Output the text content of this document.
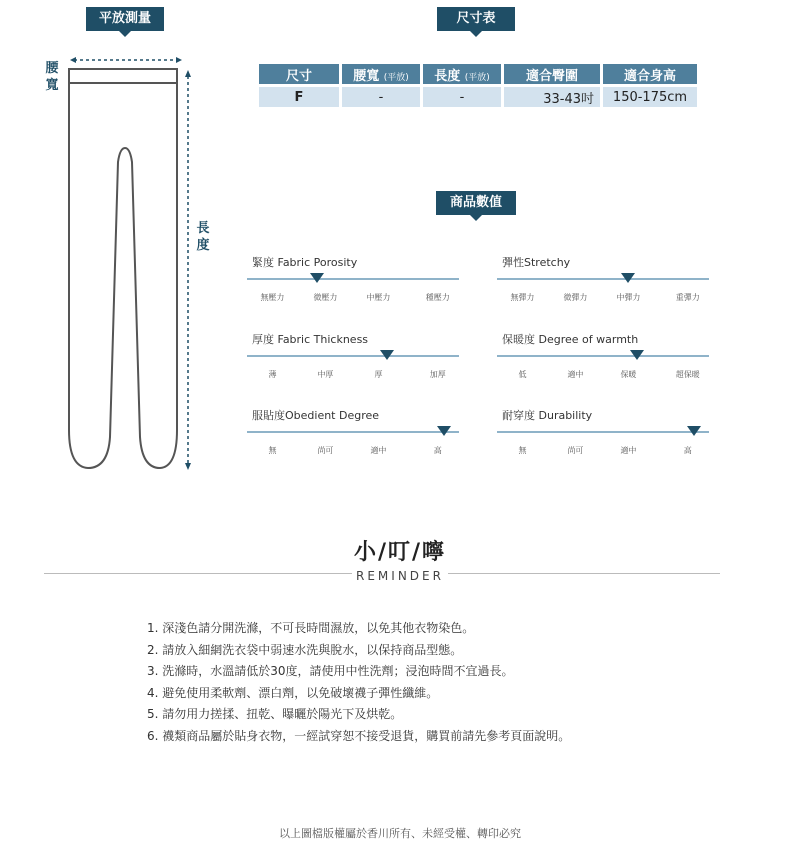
平放測量	尺寸表
腰寬
長度
尺寸	腰寬 (平放)	長度 (平放)	適合臀圍	適合身高
F	-	-	33-43吋	150-175cm
商品數值
緊度 Fabric Porosity
無壓力	微壓力	中壓力	種壓力
彈性Stretchy
無彈力	微彈力	中彈力	重彈力
厚度 Fabric Thickness
薄	中厚	厚	加厚
保暖度 Degree of warmth
低	適中	保暖	超保暖
服貼度Obedient Degree
無	尚可	適中	高
耐穿度 Durability
無	尚可	適中	高
小/叮/嚀
REMINDER
1. 深淺色請分開洗滌，不可長時間濕放，以免其他衣物染色。
2. 請放入細網洗衣袋中弱速水洗與脫水，以保持商品型態。
3. 洗滌時，水溫請低於30度，請使用中性洗劑；浸泡時間不宜過長。
4. 避免使用柔軟劑、漂白劑，以免破壞襪子彈性纖維。
5. 請勿用力搓揉、扭乾、曝曬於陽光下及烘乾。
6. 襪類商品屬於貼身衣物，一經試穿恕不接受退貨，購買前請先參考頁面說明。
以上圖檔版權屬於香川所有、未經受權、轉印必究
